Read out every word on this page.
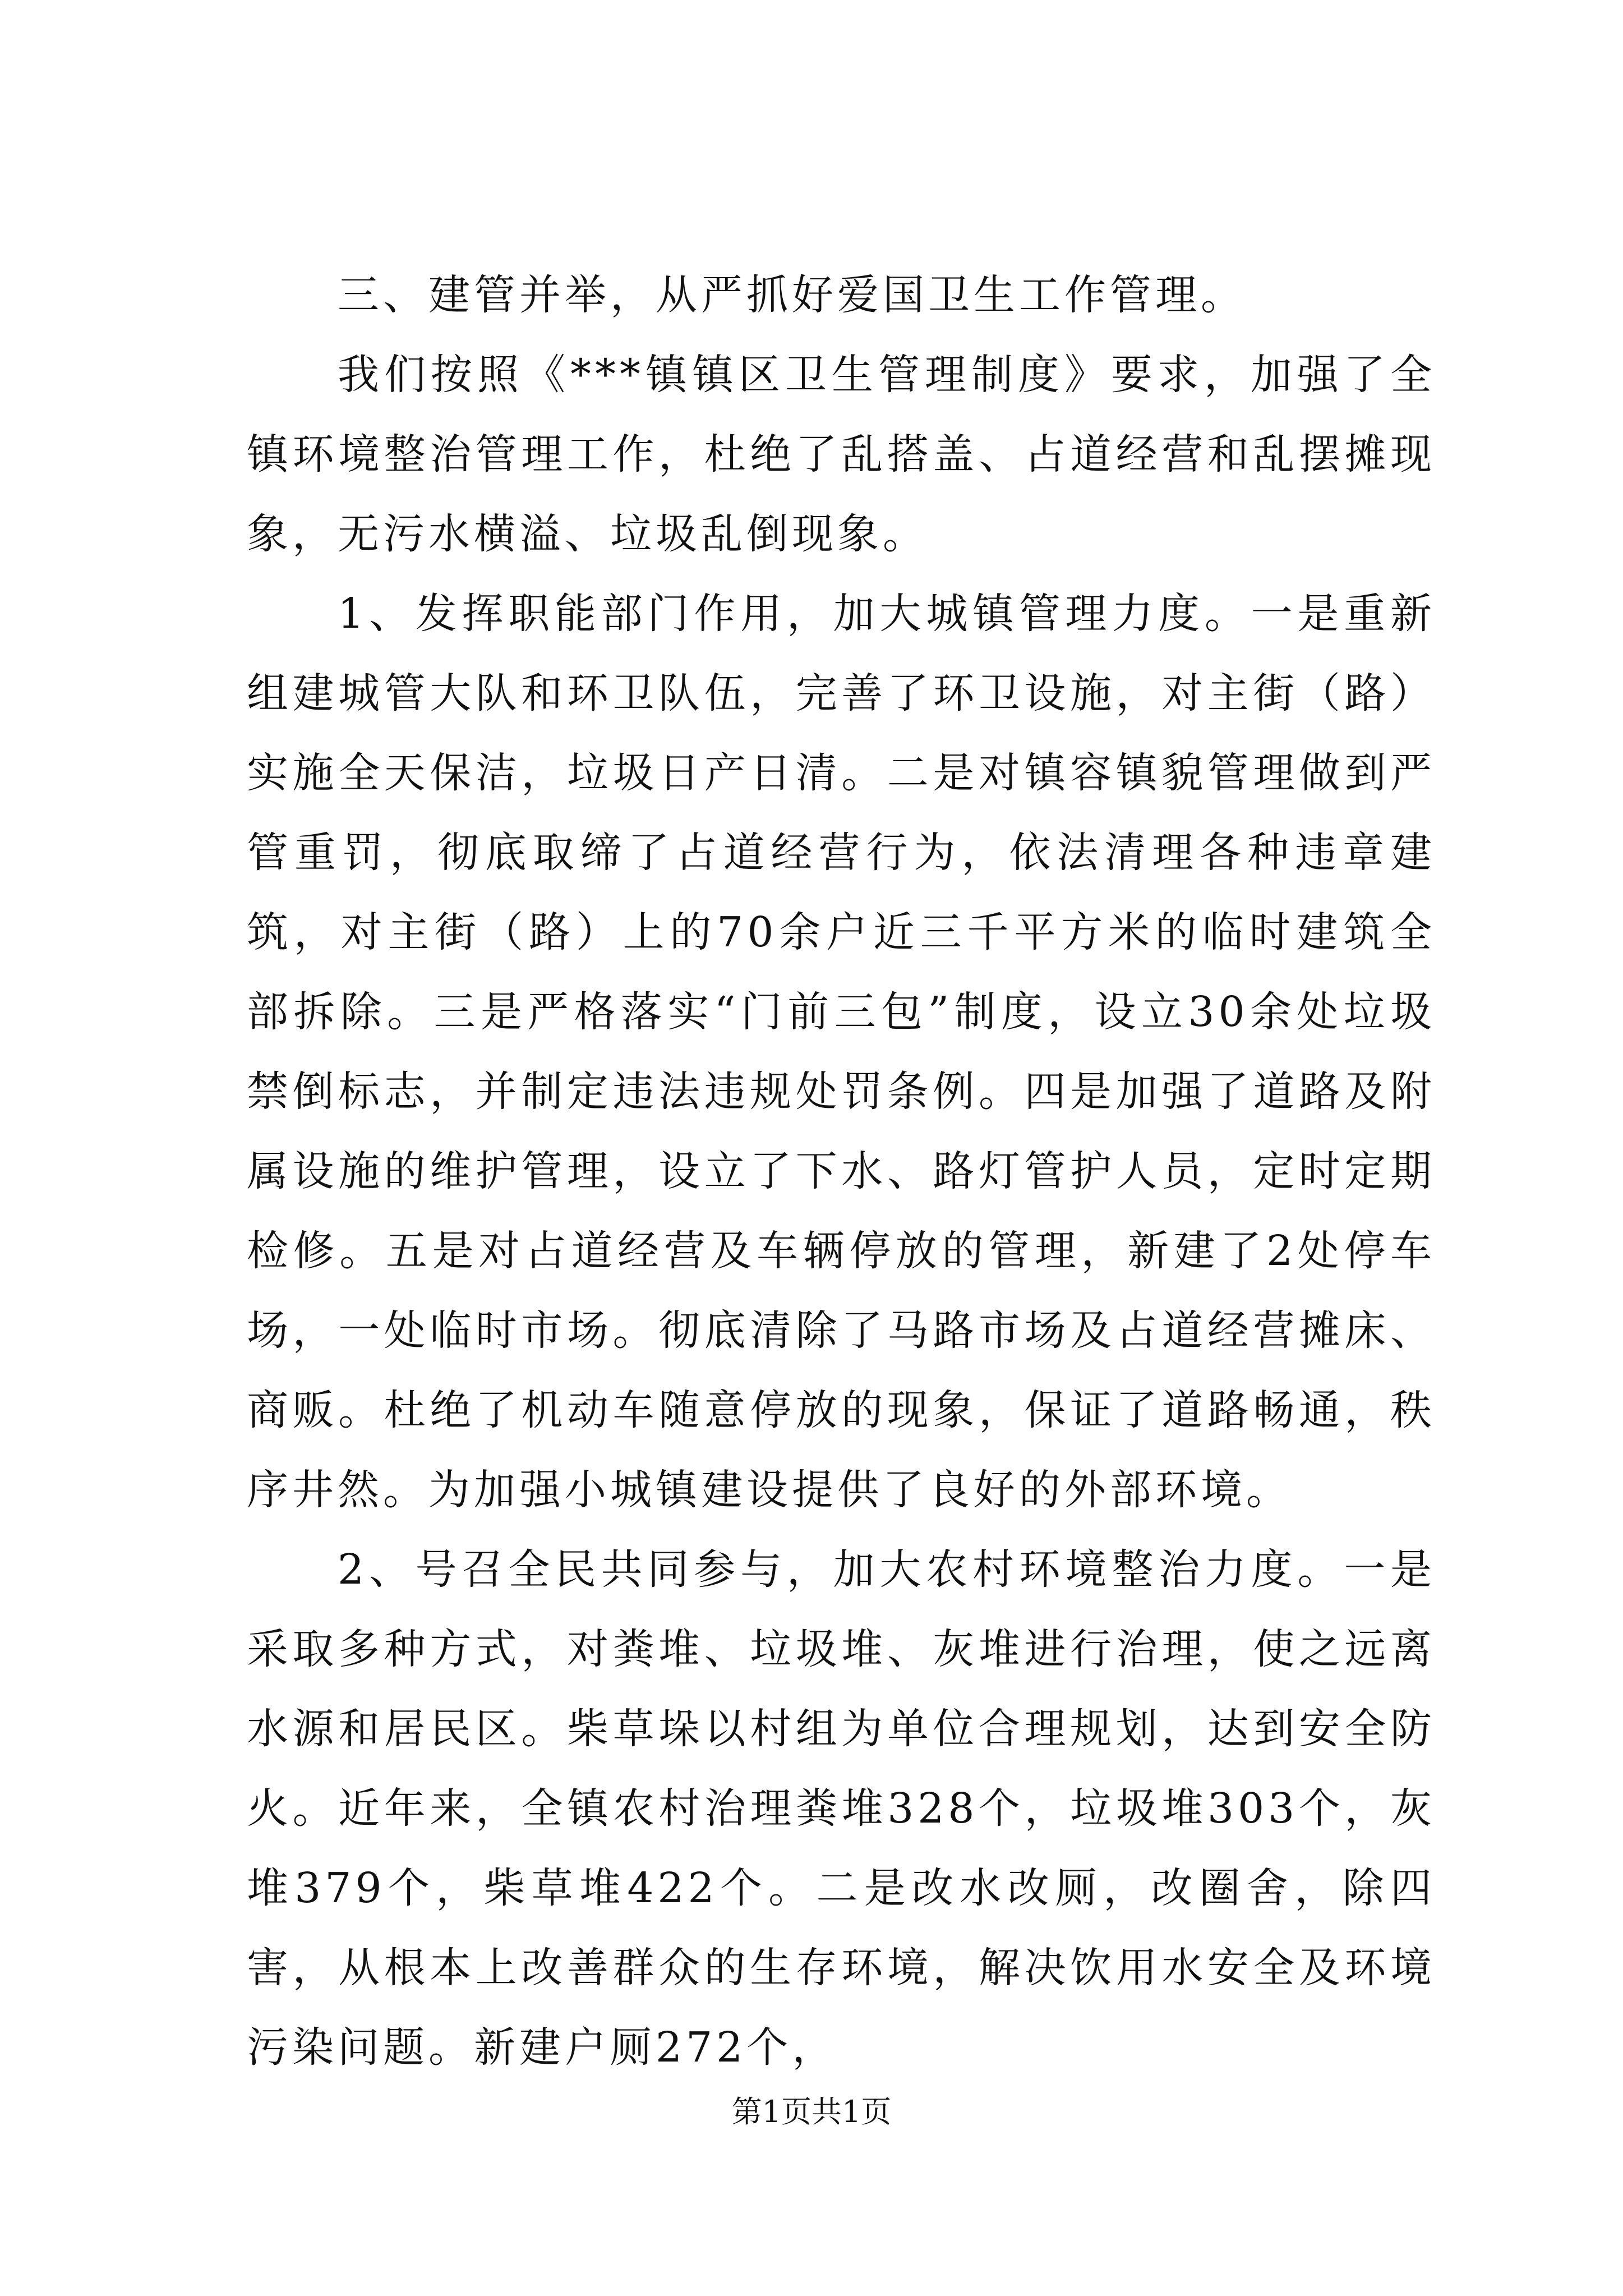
三、建管并举，从严抓好爱国卫生工作管理。

我们按照《***镇镇区卫生管理制度》要求，加强了全镇环境整治管理工作，杜绝了乱搭盖、占道经营和乱摆摊现象，无污水横溢、垃圾乱倒现象。

1、发挥职能部门作用，加大城镇管理力度。一是重新组建城管大队和环卫队伍，完善了环卫设施，对主街（路）实施全天保洁，垃圾日产日清。二是对镇容镇貌管理做到严管重罚，彻底取缔了占道经营行为，依法清理各种违章建筑，对主街（路）上的70余户近三千平方米的临时建筑全部拆除。三是严格落实“门前三包”制度，设立30余处垃圾禁倒标志，并制定违法违规处罚条例。四是加强了道路及附属设施的维护管理，设立了下水、路灯管护人员，定时定期检修。五是对占道经营及车辆停放的管理，新建了2处停车场，一处临时市场。彻底清除了马路市场及占道经营摊床、商贩。杜绝了机动车随意停放的现象，保证了道路畅通，秩序井然。为加强小城镇建设提供了良好的外部环境。

2、号召全民共同参与，加大农村环境整治力度。一是采取多种方式，对粪堆、垃圾堆、灰堆进行治理，使之远离水源和居民区。柴草垛以村组为单位合理规划，达到安全防火。近年来，全镇农村治理粪堆328个，垃圾堆303个，灰堆379个，柴草堆422个。二是改水改厕，改圈舍，除四害，从根本上改善群众的生存环境，解决饮用水安全及环境污染问题。新建户厕272个，

第1页共1页
